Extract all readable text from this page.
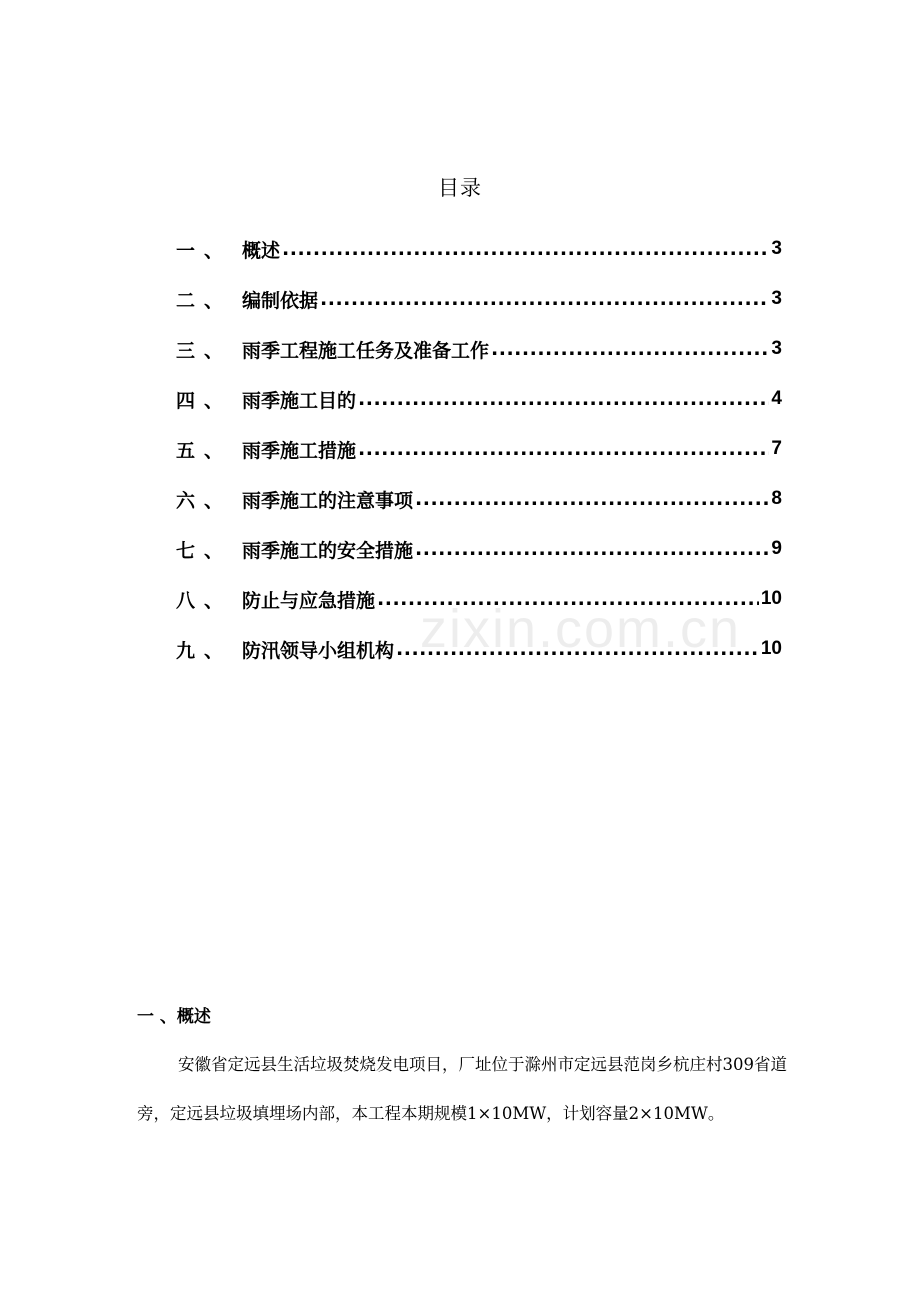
目录
一 、 概述 .....	3
二 、 编制依据 .....	3
三 、 雨季工程施工任务及准备工作 .....	3
四 、 雨季施工目的 .....	4
五 、 雨季施工措施 .....	7
六 、 雨季施工的注意事项 .....	8
七 、 雨季施工的安全措施 .....	9
八 、 防止与应急措施 .....	10
九 、 防汛领导小组机构 .....	10
zixin.com.cn
一 、概述
安徽省定远县生活垃圾焚烧发电项目，厂址位于滁州市定远县范岗乡杭庄村309省道旁，定远县垃圾填埋场内部，本工程本期规模1×10MW，计划容量2×10MW。
